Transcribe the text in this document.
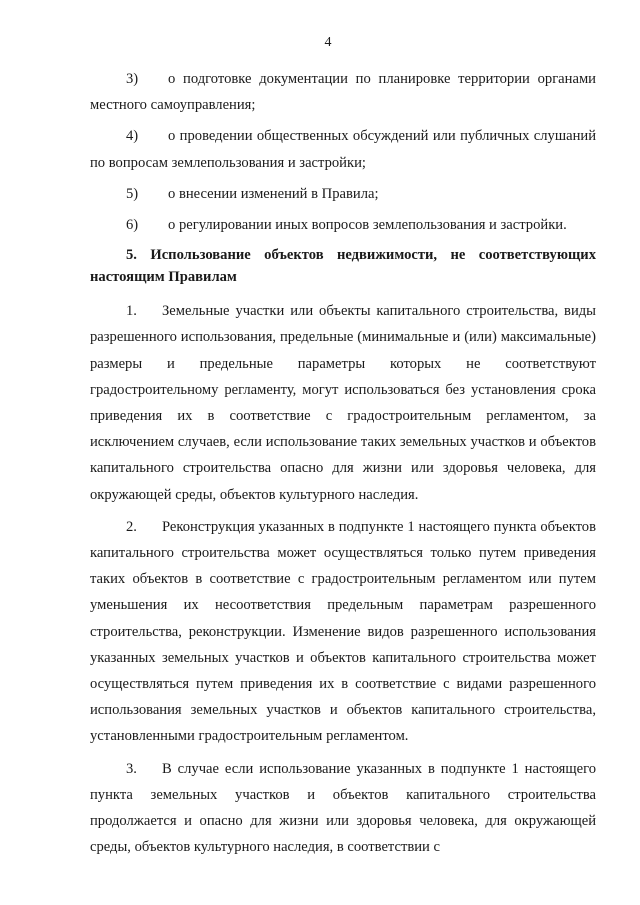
4

3) о подготовке документации по планировке территории органами местного самоуправления;

4) о проведении общественных обсуждений или публичных слушаний по вопросам землепользования и застройки;

5) о внесении изменений в Правила;

6) о регулировании иных вопросов землепользования и застройки.

5. Использование объектов недвижимости, не соответствующих настоящим Правилам

1. Земельные участки или объекты капитального строительства, виды разрешенного использования, предельные (минимальные и (или) максимальные) размеры и предельные параметры которых не соответствуют градостроительному регламенту, могут использоваться без установления срока приведения их в соответствие с градостроительным регламентом, за исключением случаев, если использование таких земельных участков и объектов капитального строительства опасно для жизни или здоровья человека, для окружающей среды, объектов культурного наследия.

2. Реконструкция указанных в подпункте 1 настоящего пункта объектов капитального строительства может осуществляться только путем приведения таких объектов в соответствие с градостроительным регламентом или путем уменьшения их несоответствия предельным параметрам разрешенного строительства, реконструкции. Изменение видов разрешенного использования указанных земельных участков и объектов капитального строительства может осуществляться путем приведения их в соответствие с видами разрешенного использования земельных участков и объектов капитального строительства, установленными градостроительным регламентом.

3. В случае если использование указанных в подпункте 1 настоящего пункта земельных участков и объектов капитального строительства продолжается и опасно для жизни или здоровья человека, для окружающей среды, объектов культурного наследия, в соответствии с
